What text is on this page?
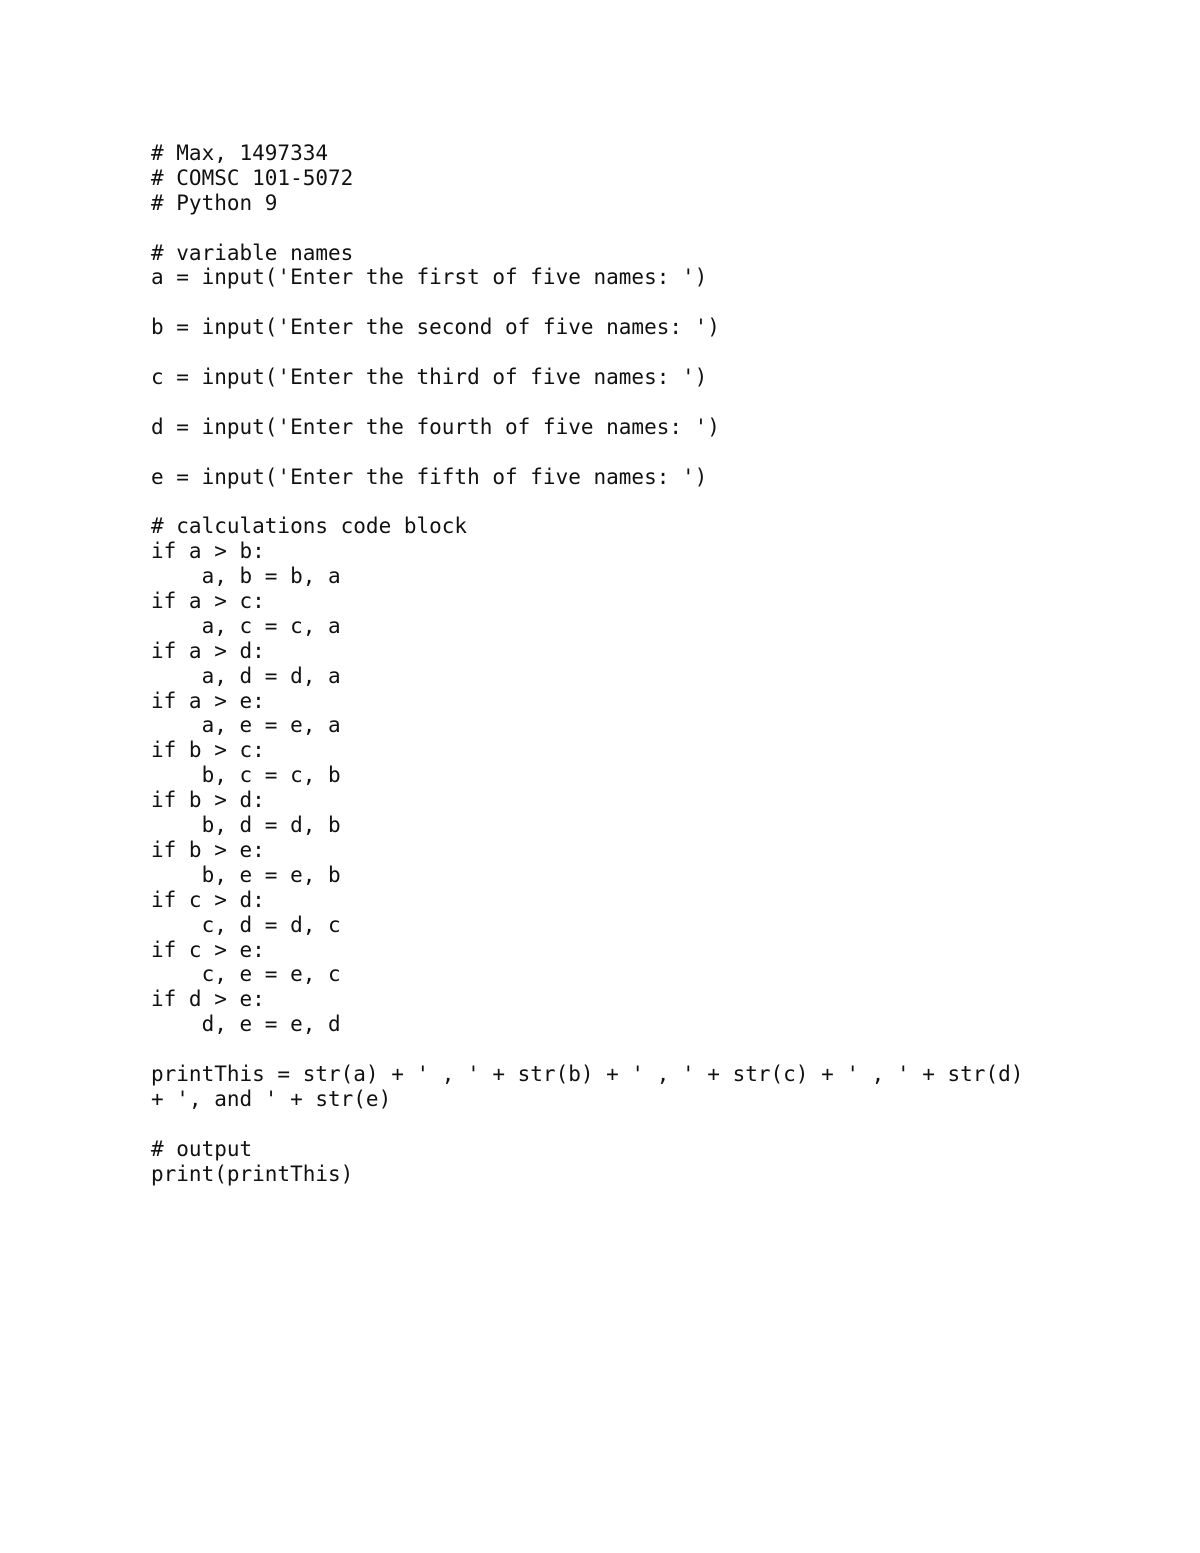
# Max, 1497334
# COMSC 101-5072
# Python 9
# variable names
a = input('Enter the first of five names: ')
b = input('Enter the second of five names: ')
c = input('Enter the third of five names: ')
d = input('Enter the fourth of five names: ')
e = input('Enter the fifth of five names: ')
# calculations code block
if a > b:
a, b = b, a
if a > c:
a, c = c, a
if a > d:
a, d = d, a
if a > e:
a, e = e, a
if b > c:
b, c = c, b
if b > d:
b, d = d, b
if b > e:
b, e = e, b
if c > d:
c, d = d, c
if c > e:
c, e = e, c
if d > e:
d, e = e, d
printThis = str(a) + ' , ' + str(b) + ' , ' + str(c) + ' , ' + str(d)
+ ', and ' + str(e)
# output
print(printThis)
